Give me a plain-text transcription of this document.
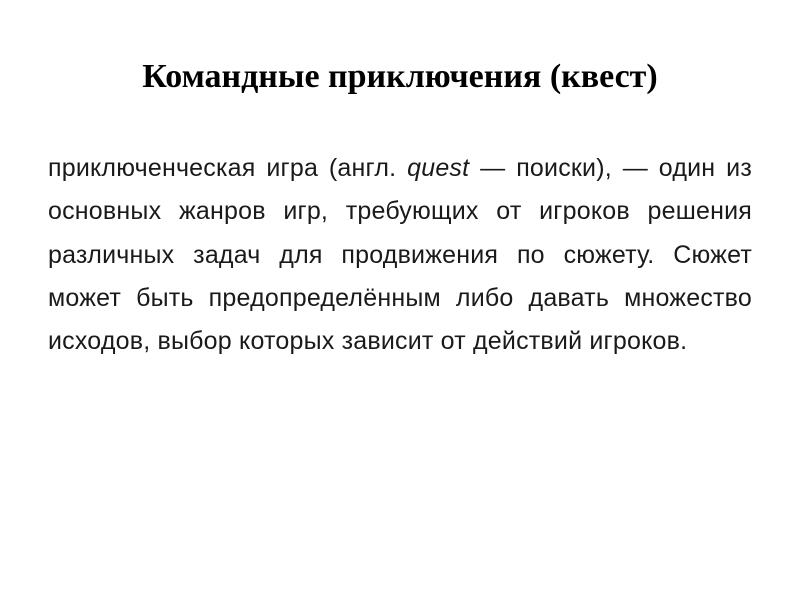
Командные приключения (квест)

приключенческая игра (англ. quest — поиски), — один из основных жанров игр, требующих от игроков решения различных задач для продвижения по сюжету. Сюжет может быть предопределённым либо давать множество исходов, выбор которых зависит от действий игроков.
